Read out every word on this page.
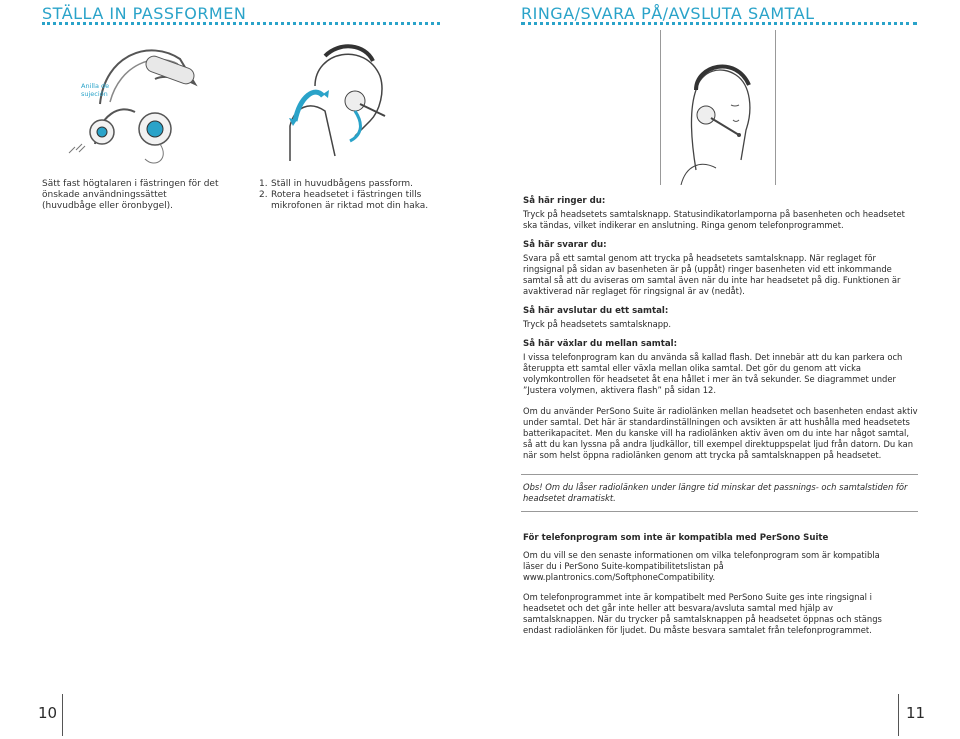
STÄLLA IN PASSFORMEN
Anilla de
sujeción
Sätt fast högtalaren i fästringen för det önskade användningssättet (huvudbåge eller öronbygel).
1. Ställ in huvudbågens passform.
2. Rotera headsetet i fästringen tills mikrofonen är riktad mot din haka.
RINGA/SVARA PÅ/AVSLUTA SAMTAL
Så här ringer du:

Tryck på headsetets samtalsknapp. Statusindikatorlamporna på basenheten och headsetet ska tändas, vilket indikerar en anslutning. Ringa genom telefonprogrammet.

Så här svarar du:

Svara på ett samtal genom att trycka på headsetets samtalsknapp. När reglaget för ringsignal på sidan av basenheten är på (uppåt) ringer basenheten vid ett inkommande samtal så att du aviseras om samtal även när du inte har headsetet på dig. Funktionen är avaktiverad när reglaget för ringsignal är av (nedåt).

Så här avslutar du ett samtal:

Tryck på headsetets samtalsknapp.

Så här växlar du mellan samtal:

I vissa telefonprogram kan du använda så kallad flash. Det innebär att du kan parkera och återuppta ett samtal eller växla mellan olika samtal. Det gör du genom att vicka volymkontrollen för headsetet åt ena hållet i mer än två sekunder. Se diagrammet under ”Justera volymen, aktivera flash” på sidan 12.

Om du använder PerSono Suite är radiolänken mellan headsetet och basenheten endast aktiv under samtal. Det här är standardinställningen och avsikten är att hushålla med headsetets batterikapacitet. Men du kanske vill ha radiolänken aktiv även om du inte har något samtal, så att du kan lyssna på andra ljudkällor, till exempel direktuppspelat ljud från datorn. Du kan när som helst öppna radiolänken genom att trycka på samtalsknappen på headsetet.

Obs! Om du låser radiolänken under längre tid minskar det passnings- och samtalstiden för headsetet dramatiskt.
För telefonprogram som inte är kompatibla med PerSono Suite

Om du vill se den senaste informationen om vilka telefonprogram som är kompatibla läser du i PerSono Suite-kompatibilitetslistan på www.plantronics.com/SoftphoneCompatibility.

Om telefonprogrammet inte är kompatibelt med PerSono Suite ges inte ringsignal i headsetet och det går inte heller att besvara/avsluta samtal med hjälp av samtalsknappen. När du trycker på samtalsknappen på headsetet öppnas och stängs endast radiolänken för ljudet. Du måste besvara samtalet från telefonprogrammet.

10	11
